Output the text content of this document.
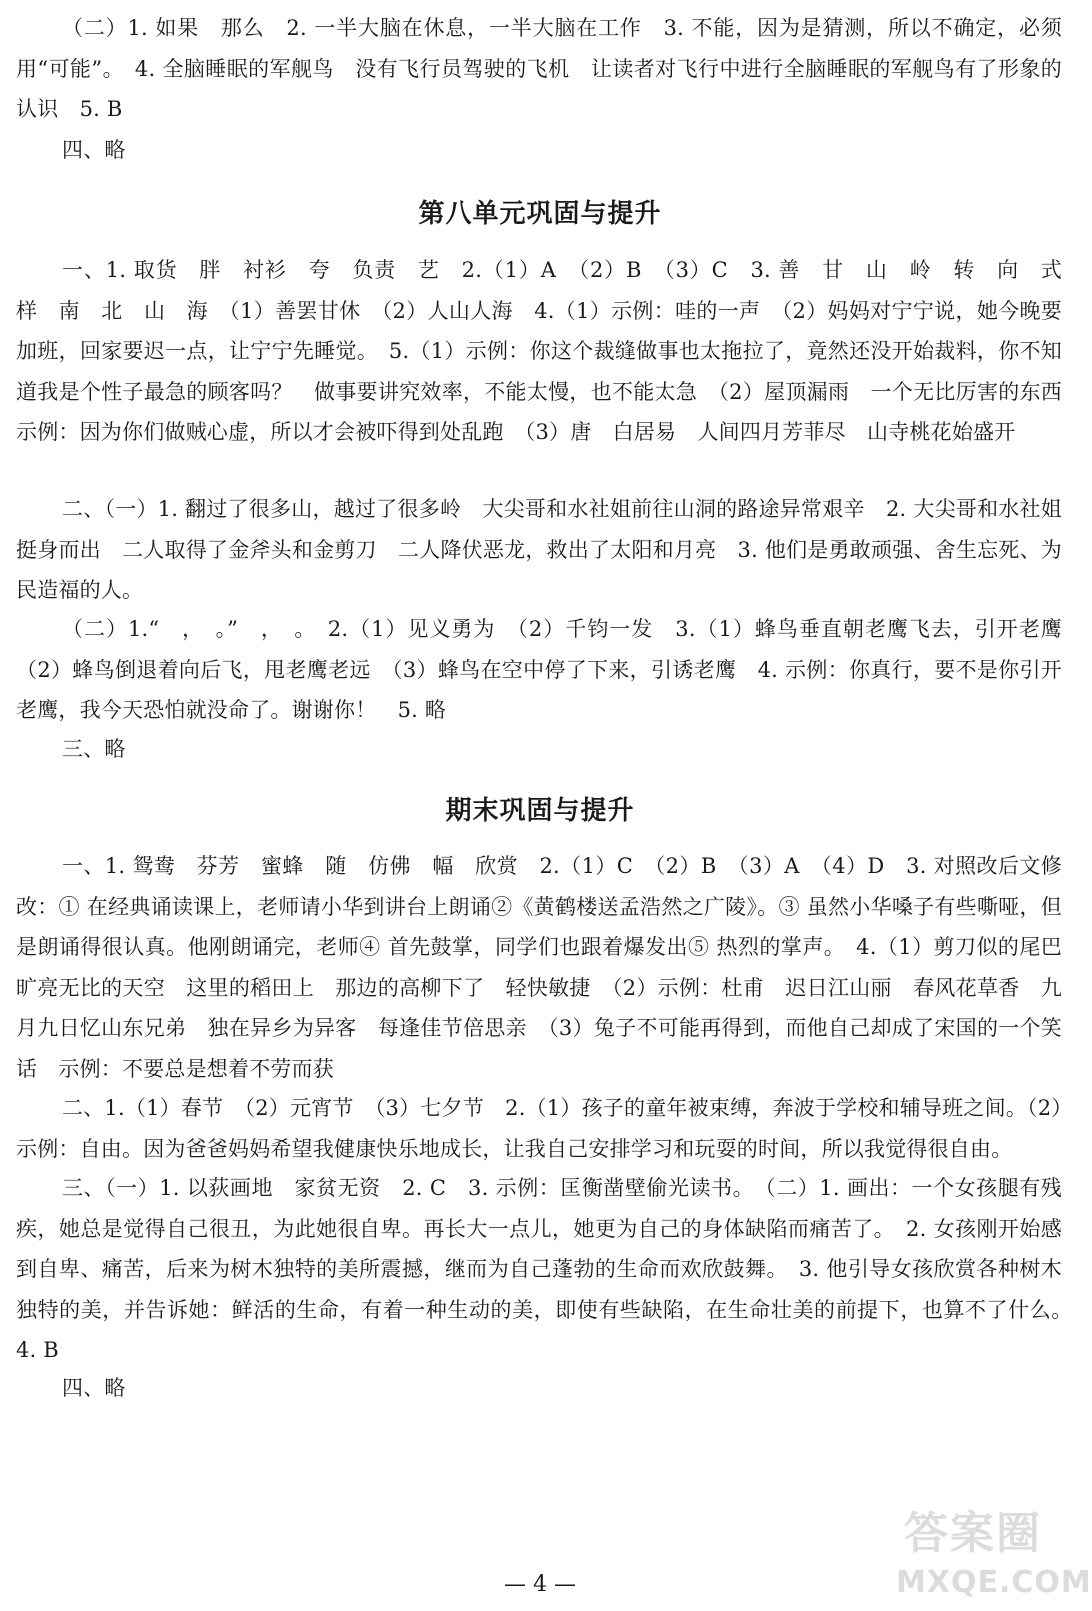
（二）1. 如果　那么　2. 一半大脑在休息，一半大脑在工作　3. 不能，因为是猜测，所以不确定，必须用“可能”。　4. 全脑睡眠的军舰鸟　没有飞行员驾驶的飞机　让读者对飞行中进行全脑睡眠的军舰鸟有了形象的认识　5. B

四、略

第八单元巩固与提升

一、1. 取货　胖　衬衫　夸　负责　艺　2.（1）A　（2）B　（3）C　3. 善　甘　山　岭　转　向　式　样　南　北　山　海　（1）善罢甘休　（2）人山人海　4.（1）示例：哇的一声　（2）妈妈对宁宁说，她今晚要加班，回家要迟一点，让宁宁先睡觉。　5.（1）示例：你这个裁缝做事也太拖拉了，竟然还没开始裁料，你不知道我是个性子最急的顾客吗？　做事要讲究效率，不能太慢，也不能太急　（2）屋顶漏雨　一个无比厉害的东西　示例：因为你们做贼心虚，所以才会被吓得到处乱跑　（3）唐　白居易　人间四月芳菲尽　山寺桃花始盛开

二、（一）1. 翻过了很多山，越过了很多岭　大尖哥和水社姐前往山洞的路途异常艰辛　2. 大尖哥和水社姐挺身而出　二人取得了金斧头和金剪刀　二人降伏恶龙，救出了太阳和月亮　3. 他们是勇敢顽强、舍生忘死、为民造福的人。

（二）1.“　，　。”　，　。　2.（1）见义勇为　（2）千钧一发　3.（1）蜂鸟垂直朝老鹰飞去，引开老鹰　（2）蜂鸟倒退着向后飞，甩老鹰老远　（3）蜂鸟在空中停了下来，引诱老鹰　4. 示例：你真行，要不是你引开老鹰，我今天恐怕就没命了。谢谢你！　5. 略

三、略

期末巩固与提升

一、1. 鸳鸯　芬芳　蜜蜂　随　仿佛　幅　欣赏　2.（1）C　（2）B　（3）A　（4）D　3. 对照改后文修改：① 在经典诵读课上，老师请小华到讲台上朗诵②《黄鹤楼送孟浩然之广陵》。③ 虽然小华嗓子有些嘶哑，但是朗诵得很认真。他刚朗诵完，老师④ 首先鼓掌，同学们也跟着爆发出⑤ 热烈的掌声。　4.（1）剪刀似的尾巴　旷亮无比的天空　这里的稻田上　那边的高柳下了　轻快敏捷　（2）示例：杜甫　迟日江山丽　春风花草香　九月九日忆山东兄弟　独在异乡为异客　每逢佳节倍思亲　（3）兔子不可能再得到，而他自己却成了宋国的一个笑话　示例：不要总是想着不劳而获

二、1.（1）春节　（2）元宵节　（3）七夕节　2.（1）孩子的童年被束缚，奔波于学校和辅导班之间。（2）示例：自由。因为爸爸妈妈希望我健康快乐地成长，让我自己安排学习和玩耍的时间，所以我觉得很自由。

三、（一）1. 以荻画地　家贫无资　2. C　3. 示例：匡衡凿壁偷光读书。　（二）1. 画出：一个女孩腿有残疾，她总是觉得自己很丑，为此她很自卑。再长大一点儿，她更为自己的身体缺陷而痛苦了。　2. 女孩刚开始感到自卑、痛苦，后来为树木独特的美所震撼，继而为自己蓬勃的生命而欢欣鼓舞。　3. 他引导女孩欣赏各种树木独特的美，并告诉她：鲜活的生命，有着一种生动的美，即使有些缺陷，在生命壮美的前提下，也算不了什么。　4. B

四、略

— 4 —
答案圈
MXQE.COM
